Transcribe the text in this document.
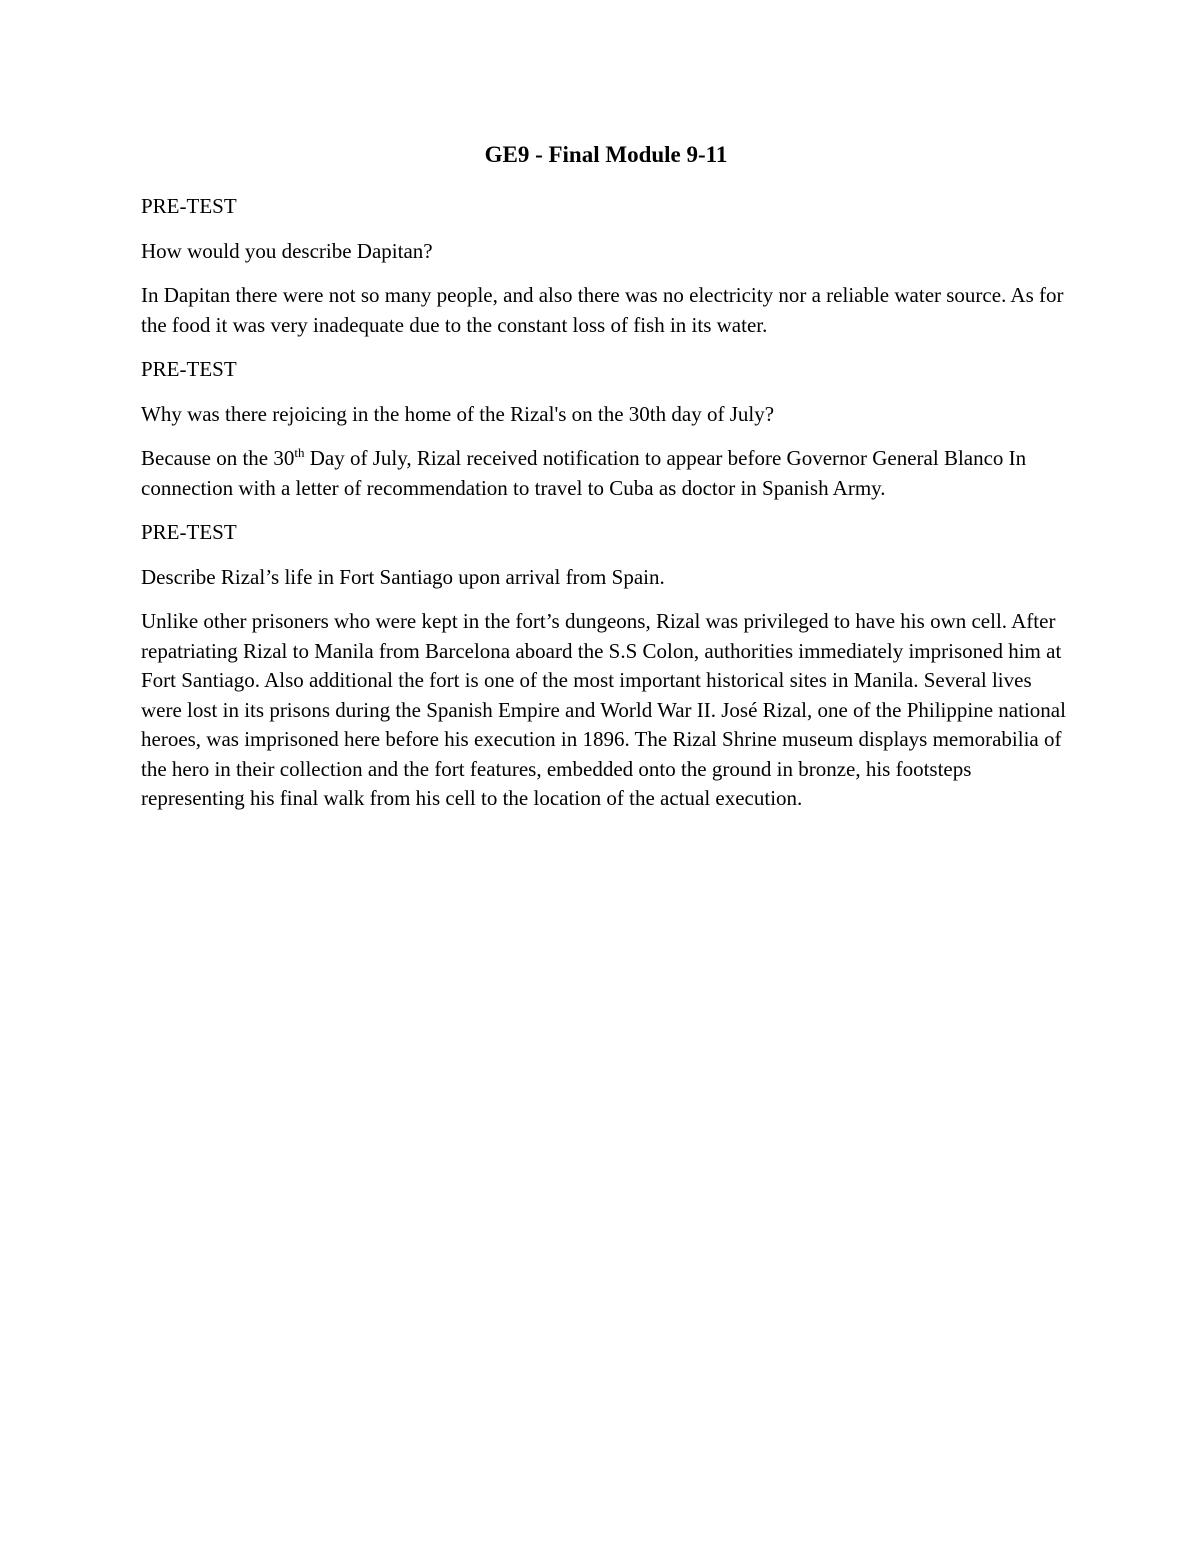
GE9 - Final Module 9-11

PRE-TEST

How would you describe Dapitan?

In Dapitan there were not so many people, and also there was no electricity nor a reliable water source. As for the food it was very inadequate due to the constant loss of fish in its water.

PRE-TEST

Why was there rejoicing in the home of the Rizal's on the 30th day of July?

Because on the 30th Day of July, Rizal received notification to appear before Governor General Blanco In connection with a letter of recommendation to travel to Cuba as doctor in Spanish Army.

PRE-TEST

Describe Rizal’s life in Fort Santiago upon arrival from Spain.

Unlike other prisoners who were kept in the fort’s dungeons, Rizal was privileged to have his own cell. After repatriating Rizal to Manila from Barcelona aboard the S.S Colon, authorities immediately imprisoned him at Fort Santiago. Also additional the fort is one of the most important historical sites in Manila. Several lives were lost in its prisons during the Spanish Empire and World War II. José Rizal, one of the Philippine national heroes, was imprisoned here before his execution in 1896. The Rizal Shrine museum displays memorabilia of the hero in their collection and the fort features, embedded onto the ground in bronze, his footsteps representing his final walk from his cell to the location of the actual execution.
